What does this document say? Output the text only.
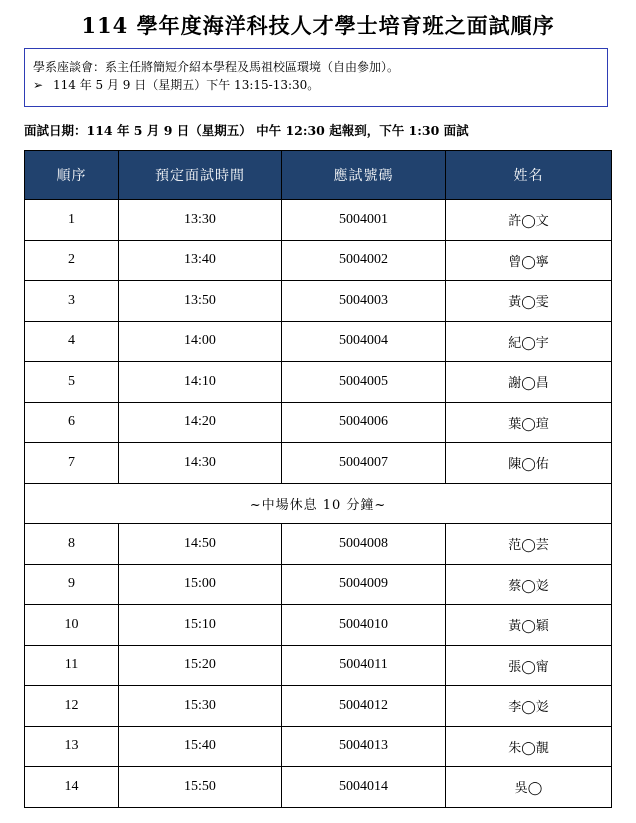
114 學年度海洋科技人才學士培育班之面試順序
學系座談會：系主任將簡短介紹本學程及馬祖校區環境（自由參加）。
➢ 114 年 5 月 9 日（星期五）下午 13:15-13:30。
面試日期：114 年 5 月 9 日（星期五） 中午 12:30 起報到，下午 1:30 面試
順序	預定面試時間	應試號碼	姓名
1	13:30	5004001	許◯文
2	13:40	5004002	曾◯寧
3	13:50	5004003	黃◯雯
4	14:00	5004004	紀◯宇
5	14:10	5004005	謝◯昌
6	14:20	5004006	葉◯瑄
7	14:30	5004007	陳◯佑
~中場休息 10 分鐘~			
8	14:50	5004008	范◯芸
9	15:00	5004009	蔡◯彣
10	15:10	5004010	黃◯穎
11	15:20	5004011	張◯甯
12	15:30	5004012	李◯彣
13	15:40	5004013	朱◯靚
14	15:50	5004014	吳◯
